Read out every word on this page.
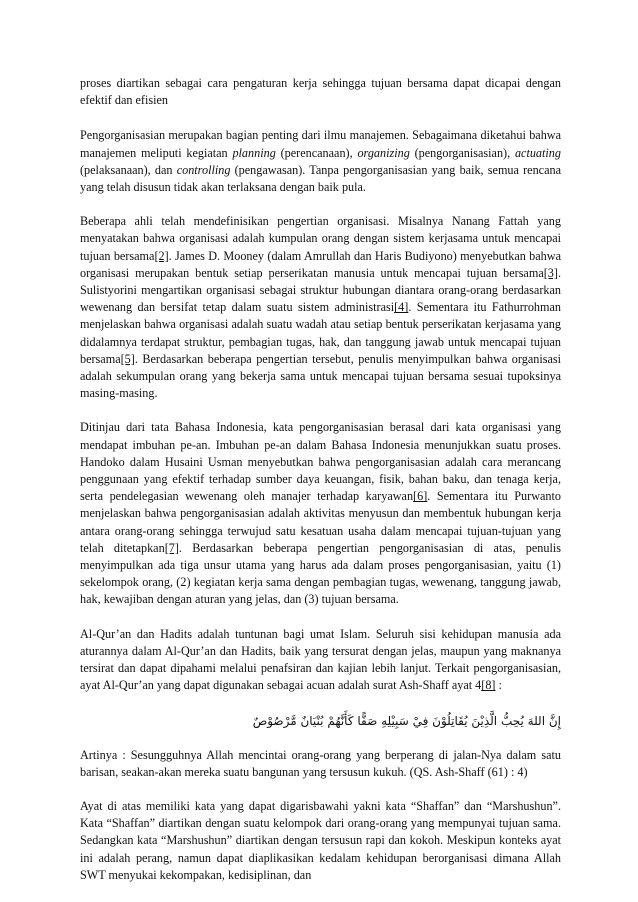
proses diartikan sebagai cara pengaturan kerja sehingga tujuan bersama dapat dicapai dengan efektif dan efisien

Pengorganisasian merupakan bagian penting dari ilmu manajemen. Sebagaimana diketahui bahwa manajemen meliputi kegiatan planning (perencanaan), organizing (pengorganisasian), actuating (pelaksanaan), dan controlling (pengawasan). Tanpa pengorganisasian yang baik, semua rencana yang telah disusun tidak akan terlaksana dengan baik pula.

Beberapa ahli telah mendefinisikan pengertian organisasi. Misalnya Nanang Fattah yang menyatakan bahwa organisasi adalah kumpulan orang dengan sistem kerjasama untuk mencapai tujuan bersama[2]. James D. Mooney (dalam Amrullah dan Haris Budiyono) menyebutkan bahwa organisasi merupakan bentuk setiap perserikatan manusia untuk mencapai tujuan bersama[3]. Sulistyorini mengartikan organisasi sebagai struktur hubungan diantara orang-orang berdasarkan wewenang dan bersifat tetap dalam suatu sistem administrasi[4]. Sementara itu Fathurrohman menjelaskan bahwa organisasi adalah suatu wadah atau setiap bentuk perserikatan kerjasama yang didalamnya terdapat struktur, pembagian tugas, hak, dan tanggung jawab untuk mencapai tujuan bersama[5]. Berdasarkan beberapa pengertian tersebut, penulis menyimpulkan bahwa organisasi adalah sekumpulan orang yang bekerja sama untuk mencapai tujuan bersama sesuai tupoksinya masing-masing.

Ditinjau dari tata Bahasa Indonesia, kata pengorganisasian berasal dari kata organisasi yang mendapat imbuhan pe-an. Imbuhan pe-an dalam Bahasa Indonesia menunjukkan suatu proses. Handoko dalam Husaini Usman menyebutkan bahwa pengorganisasian adalah cara merancang penggunaan yang efektif terhadap sumber daya keuangan, fisik, bahan baku, dan tenaga kerja, serta pendelegasian wewenang oleh manajer terhadap karyawan[6]. Sementara itu Purwanto menjelaskan bahwa pengorganisasian adalah aktivitas menyusun dan membentuk hubungan kerja antara orang-orang sehingga terwujud satu kesatuan usaha dalam mencapai tujuan-tujuan yang telah ditetapkan[7]. Berdasarkan beberapa pengertian pengorganisasian di atas, penulis menyimpulkan ada tiga unsur utama yang harus ada dalam proses pengorganisasian, yaitu (1) sekelompok orang, (2) kegiatan kerja sama dengan pembagian tugas, wewenang, tanggung jawab, hak, kewajiban dengan aturan yang jelas, dan (3) tujuan bersama.

Al-Qur’an dan Hadits adalah tuntunan bagi umat Islam. Seluruh sisi kehidupan manusia ada aturannya dalam Al-Qur’an dan Hadits, baik yang tersurat dengan jelas, maupun yang maknanya tersirat dan dapat dipahami melalui penafsiran dan kajian lebih lanjut. Terkait pengorganisasian, ayat Al-Qur’an yang dapat digunakan sebagai acuan adalah surat Ash-Shaff ayat 4[8] :

إِنَّ اللهَ يُحِبُّ الَّذِيْنَ يُقَاتِلُوْنَ فِيْ سَبِيْلِهِ صَفًّا كَأَنَّهُمْ بُنْيَانٌ مَّرْصُوْصٌ

Artinya : Sesungguhnya Allah mencintai orang-orang yang berperang di jalan-Nya dalam satu barisan, seakan-akan mereka suatu bangunan yang tersusun kukuh. (QS. Ash-Shaff (61) : 4)

Ayat di atas memiliki kata yang dapat digarisbawahi yakni kata “Shaffan” dan “Marshushun”. Kata “Shaffan” diartikan dengan suatu kelompok dari orang-orang yang mempunyai tujuan sama. Sedangkan kata “Marshushun” diartikan dengan tersusun rapi dan kokoh. Meskipun konteks ayat ini adalah perang, namun dapat diaplikasikan kedalam kehidupan berorganisasi dimana Allah SWT menyukai kekompakan, kedisiplinan, dan
